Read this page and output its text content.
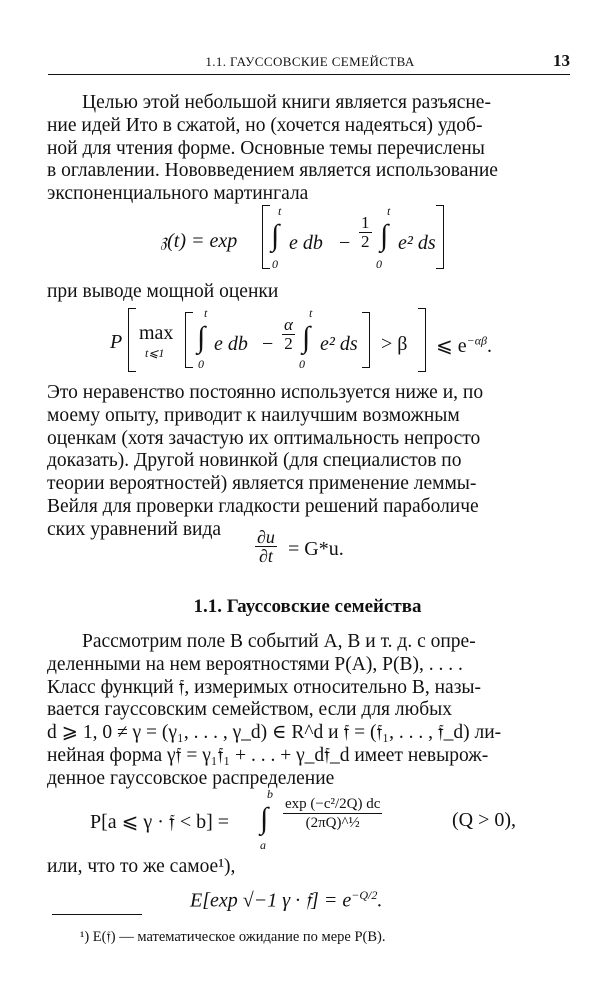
1.1. ГАУССОВСКИЕ СЕМЕЙСТВА	13

Целью этой небольшой книги является разъясне-

ние идей Ито в сжатой, но (хочется надеяться) удоб-

ной для чтения форме. Основные темы перечислены

в оглавлении. Нововведением является использование

экспоненциального мартингала

𝔷(t) = exp
t
∫
0
e db − $\frac{1}{2}$
t
∫
0
e² ds

при выводе мощной оценки

P max
t⩽1
t
∫
0
e db − $\frac{\alpha}{2}$
t
∫
0
e² ds > β ⩽ $e^{-\alpha\beta}$.

Это неравенство постоянно используется ниже и, по

моему опыту, приводит к наилучшим возможным

оценкам (хотя зачастую их оптимальность непросто

доказать). Другой новинкой (для специалистов по

теории вероятностей) является применение леммы-

Вейля для проверки гладкости решений параболиче

ских уравнений вида	$\frac{\partial u}{\partial t} = G*u$.
1.1. Гауссовские семейства

Рассмотрим поле B событий A, B и т. д. с опре-

деленными на нем вероятностями P(A), P(B), . . . .

Класс функций 𝔣, измеримых относительно B, назы-

вается гауссовским семейством, если для любых

d ⩾ 1, 0 ≠ γ = (γ₁, . . . , γ_d) ∈ R^d и 𝔣 = (𝔣₁, . . . , 𝔣_d) ли-

нейная форма γ𝔣 = γ₁𝔣₁ + . . . + γ_d𝔣_d имеет невырож-

денное гауссовское распределение

P[a ⩽ γ · 𝔣 < b] =
b
∫
a
$\frac{\text{exp (−c²/2Q) dc}}{\text{(2πQ)\textasciicircum{}½}}$	(Q > 0),

или, что то же самое¹),

E[exp √−1 γ · 𝔣] = $e^{-Q/2}$.
¹) E(𝔣) — математическое ожидание по мере P(B).
